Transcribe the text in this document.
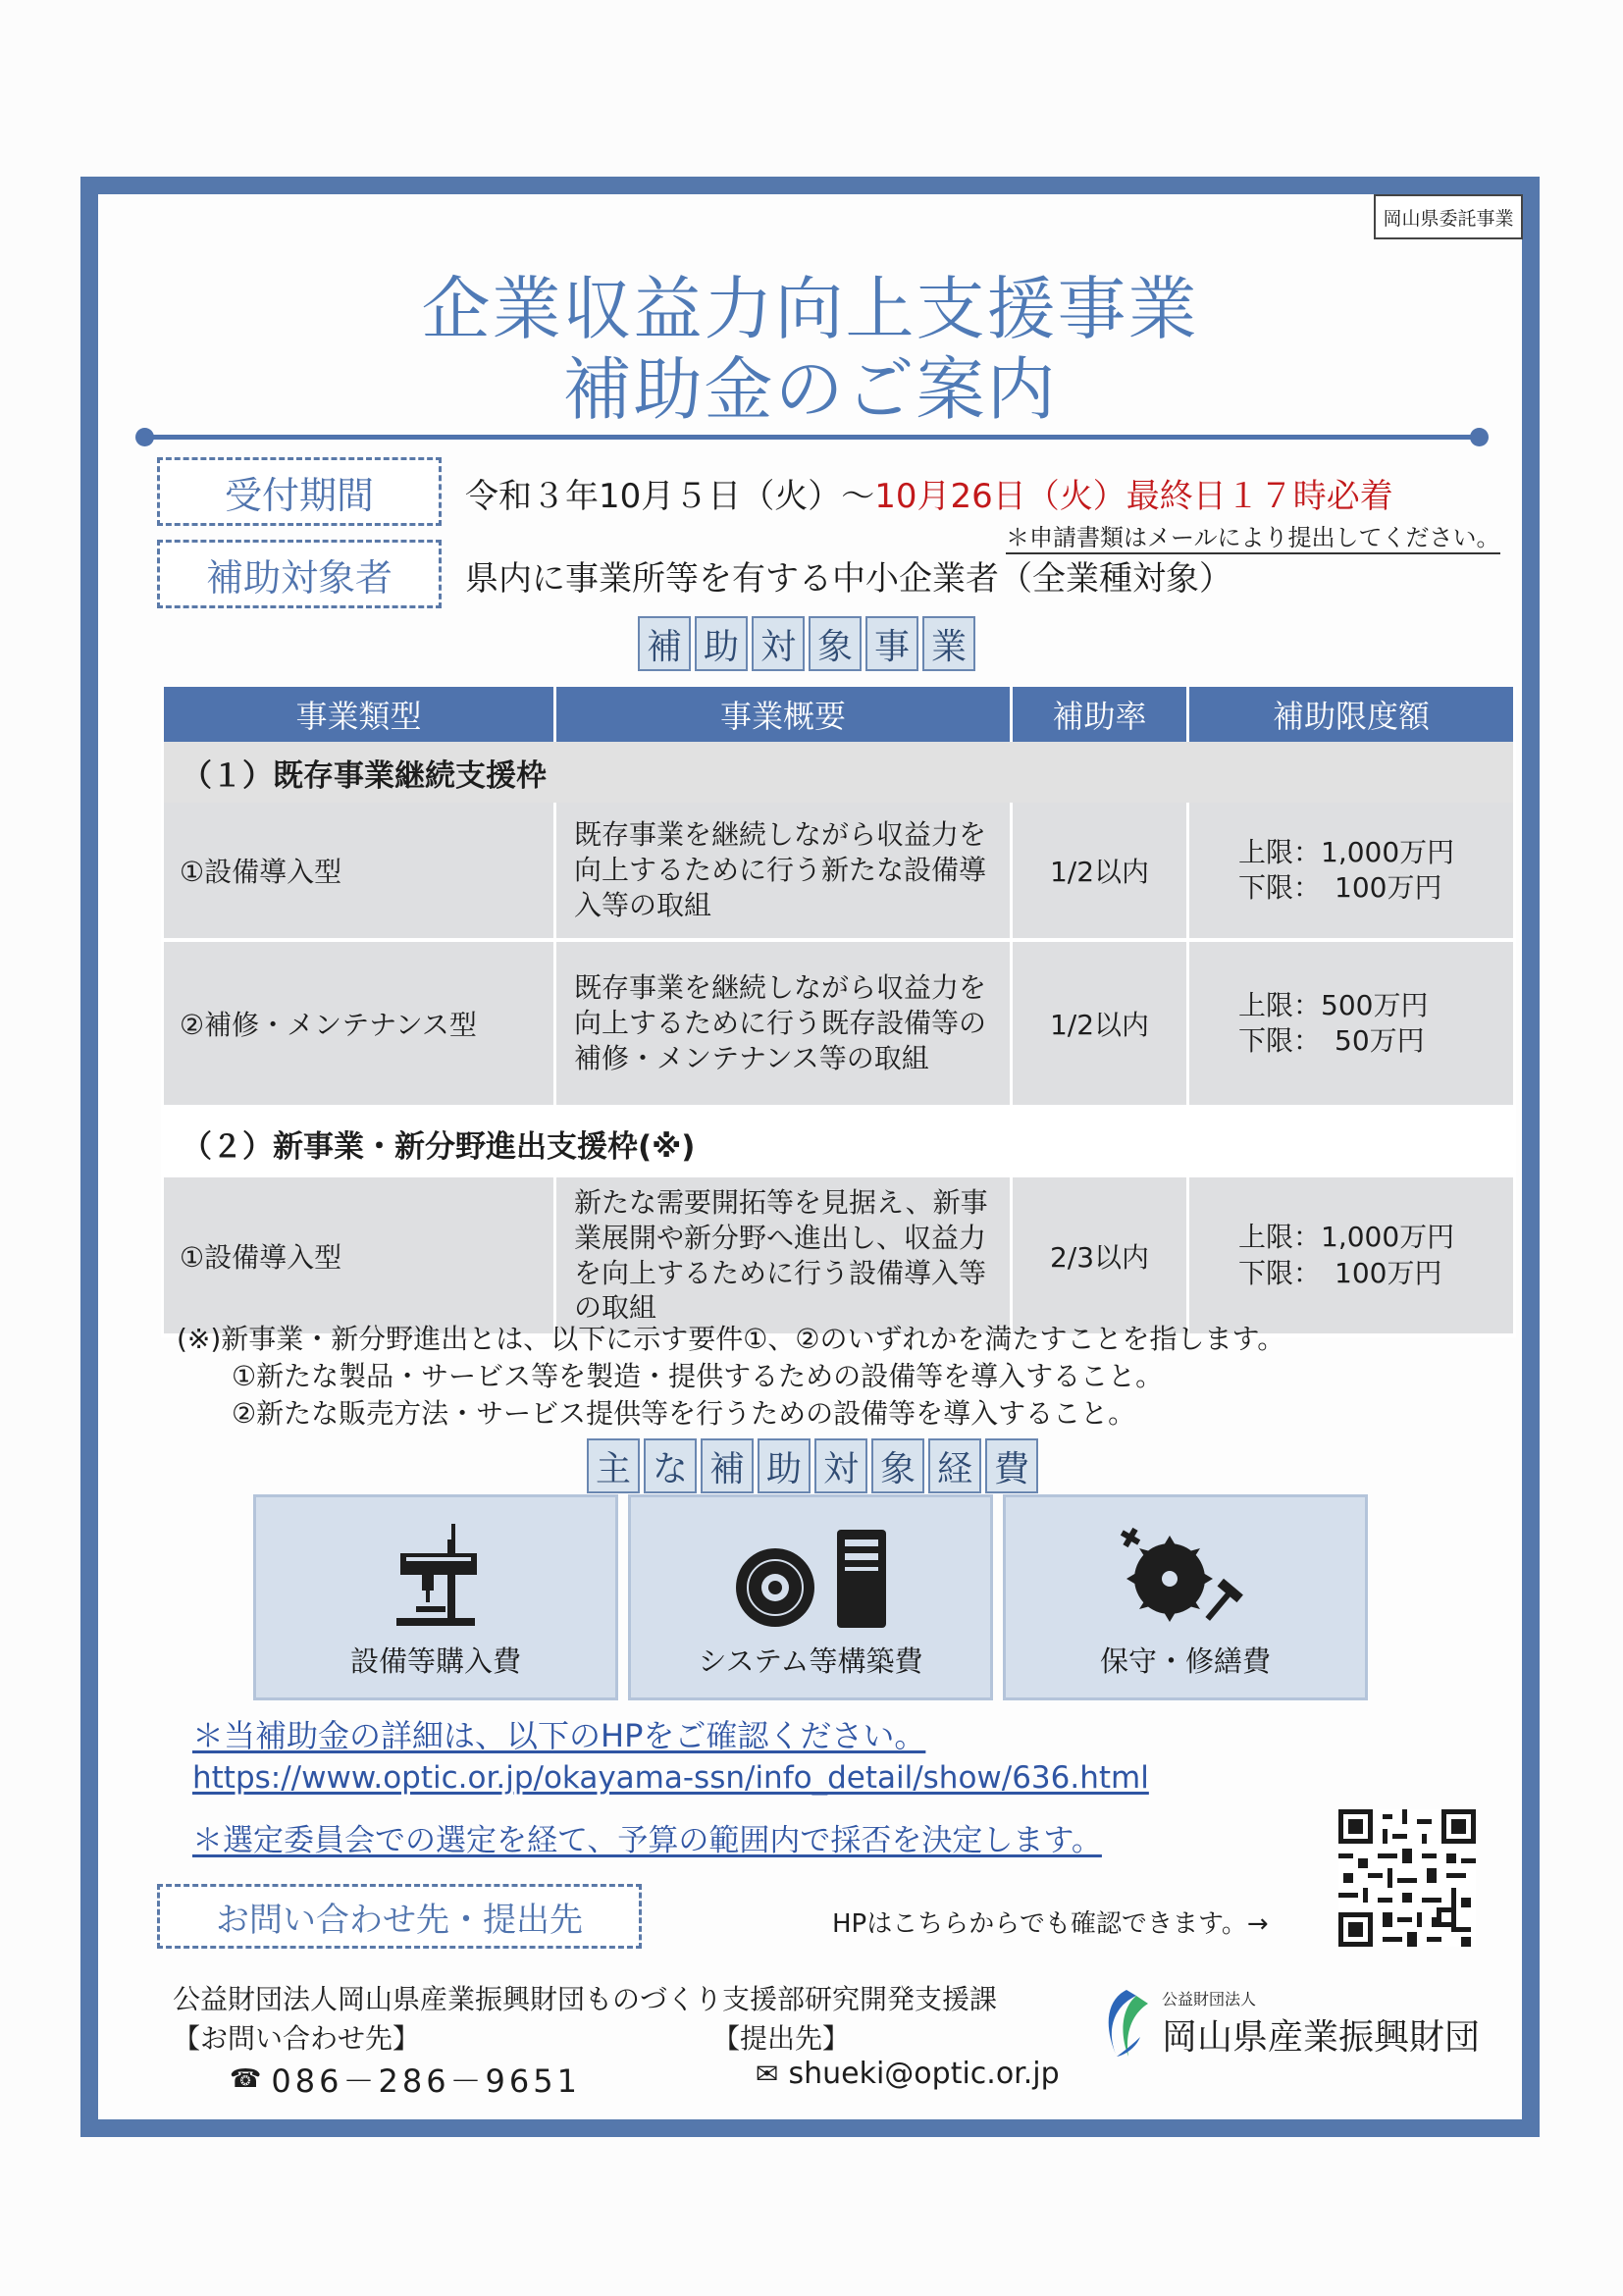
岡山県委託事業
企業収益力向上支援事業
補助金のご案内
受付期間	令和３年10月５日（火）～10月26日（火）最終日１７時必着
＊申請書類はメールにより提出してください。
補助対象者	県内に事業所等を有する中小企業者（全業種対象）
補 助 対 象 事 業
事業類型	事業概要	補助率	補助限度額
（１）既存事業継続支援枠			
①設備導入型	既存事業を継続しながら収益力を向上するために行う新たな設備導入等の取組	1/2以内	上限：1,000万円
下限：　100万円

②補修・メンテナンス型	既存事業を継続しながら収益力を向上するために行う既存設備等の補修・メンテナンス等の取組	1/2以内	上限：500万円
下限：　50万円

（２）新事業・新分野進出支援枠(※)			
①設備導入型	新たな需要開拓等を見据え、新事業展開や新分野へ進出し、収益力を向上するために行う設備導入等の取組	2/3以内	上限：1,000万円
下限：　100万円
(※)新事業・新分野進出とは、以下に示す要件①、②のいずれかを満たすことを指します。
①新たな製品・サービス等を製造・提供するための設備等を導入すること。
②新たな販売方法・サービス提供等を行うための設備等を導入すること。
主 な 補 助 対 象 経 費
設備等購入費	システム等構築費	保守・修繕費
＊当補助金の詳細は、以下のHPをご確認ください。
https://www.optic.or.jp/okayama-ssn/info_detail/show/636.html
＊選定委員会での選定を経て、予算の範囲内で採否を決定します。
お問い合わせ先・提出先	HPはこちらからでも確認できます。→
公益財団法人岡山県産業振興財団ものづくり支援部研究開発支援課
【お問い合わせ先】	【提出先】
☎ 086－286－9651	✉ shueki@optic.or.jp
公益財団法人
岡山県産業振興財団
